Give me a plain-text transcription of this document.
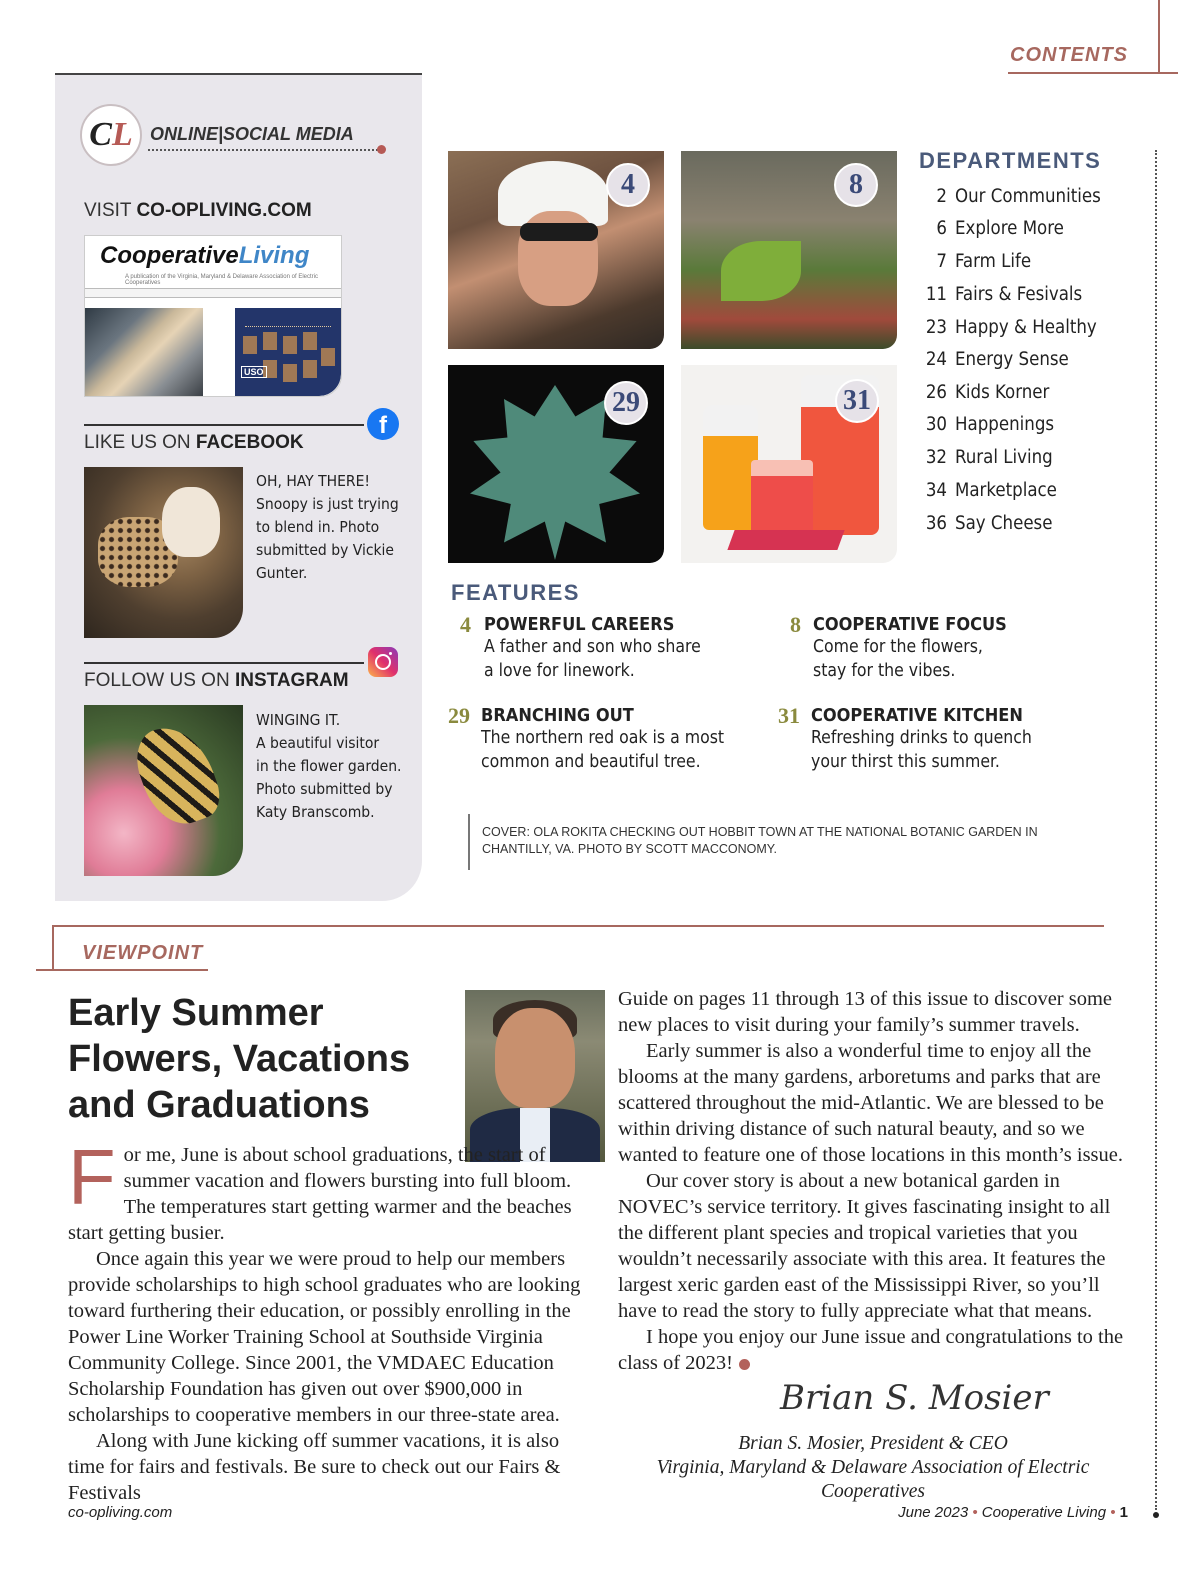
CONTENTS
CL ONLINE|SOCIAL MEDIA
VISIT CO-OPLIVING.COM
CooperativeLiving
A publication of the Virginia, Maryland & Delaware Association of Electric Cooperatives
USO
f
LIKE US ON FACEBOOK
OH, HAY THERE!
Snoopy is just trying
to blend in. Photo
submitted by Vickie
Gunter.
FOLLOW US ON INSTAGRAM
WINGING IT.
A beautiful visitor
in the flower garden.
Photo submitted by
Katy Branscomb.
4	8
29	31
DEPARTMENTS
2 Our Communities
6 Explore More
7 Farm Life
11 Fairs & Fesivals
23 Happy & Healthy
24 Energy Sense
26 Kids Korner
30 Happenings
32 Rural Living
34 Marketplace
36 Say Cheese
FEATURES
4 POWERFUL CAREERS
A father and son who share
a love for linework.
8 COOPERATIVE FOCUS
Come for the flowers,
stay for the vibes.
29 BRANCHING OUT
The northern red oak is a most
common and beautiful tree.
31 COOPERATIVE KITCHEN
Refreshing drinks to quench
your thirst this summer.
COVER: OLA ROKITA CHECKING OUT HOBBIT TOWN AT THE NATIONAL BOTANIC GARDEN IN CHANTILLY, VA. PHOTO BY SCOTT MACCONOMY.
VIEWPOINT
Early Summer
Flowers, Vacations
and Graduations

For me, June is about school graduations, the start of summer vacation and flowers bursting into full bloom. The temperatures start getting warmer and the beaches start getting busier.

Once again this year we were proud to help our members provide scholarships to high school graduates who are looking toward furthering their education, or possibly enrolling in the Power Line Worker Training School at Southside Virginia Community College. Since 2001, the VMDAEC Education Scholarship Foundation has given out over $900,000 in scholarships to cooperative members in our three-state area.

Along with June kicking off summer vacations, it is also time for fairs and festivals. Be sure to check out our Fairs & Festivals

Guide on pages 11 through 13 of this issue to discover some new places to visit during your family’s summer travels.

Early summer is also a wonderful time to enjoy all the blooms at the many gardens, arboretums and parks that are scattered throughout the mid-Atlantic. We are blessed to be within driving distance of such natural beauty, and so we wanted to feature one of those locations in this month’s issue.

Our cover story is about a new botanical garden in NOVEC’s service territory. It gives fascinating insight to all the different plant species and tropical varieties that you wouldn’t necessarily associate with this area. It features the largest xeric garden east of the Mississippi River, so you’ll have to read the story to fully appreciate what that means.

I hope you enjoy our June issue and congratulations to the class of 2023!

Brian S. Mosier
Brian S. Mosier, President & CEO
Virginia, Maryland & Delaware Association of Electric Cooperatives
co-opliving.com	June 2023 • Cooperative Living • 1
